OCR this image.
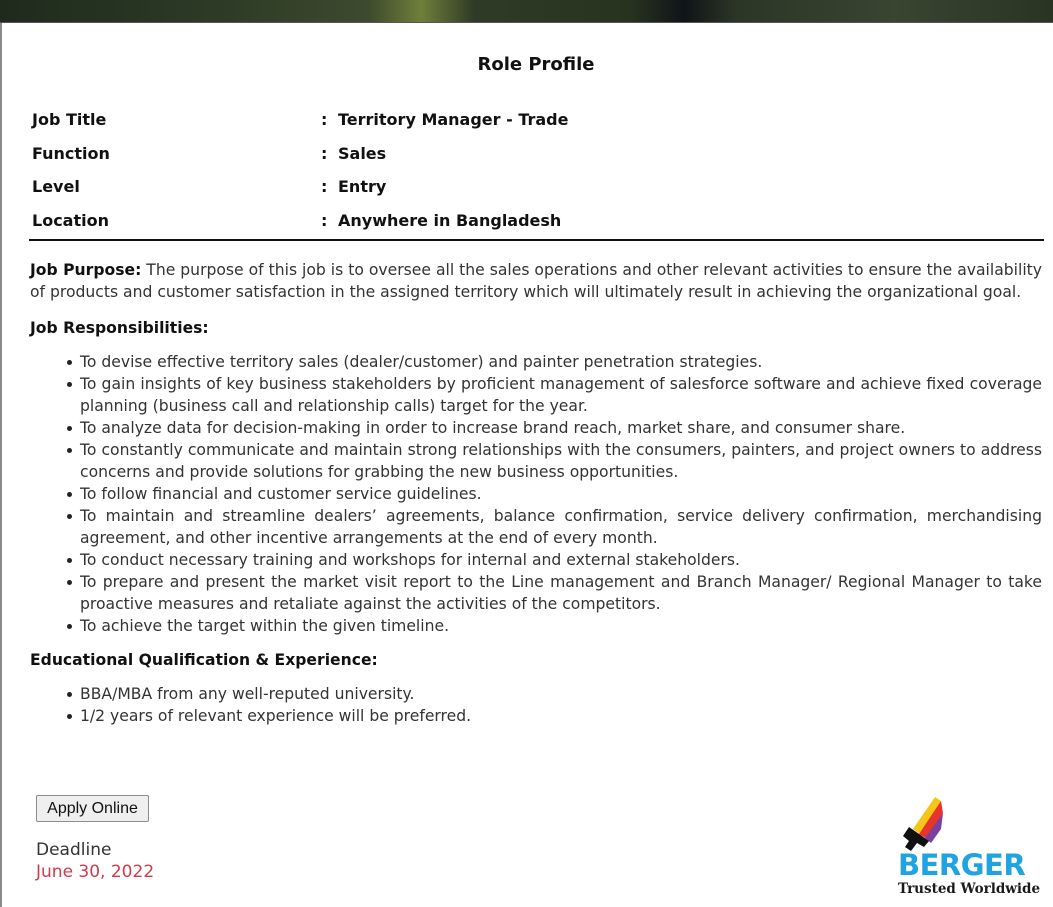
Role Profile
Job Title	: Territory Manager - Trade
Function	: Sales
Level	: Entry
Location	: Anywhere in Bangladesh

Job Purpose: The purpose of this job is to oversee all the sales operations and other relevant activities to ensure the availability of products and customer satisfaction in the assigned territory which will ultimately result in achieving the organizational goal.

Job Responsibilities:
To devise effective territory sales (dealer/customer) and painter penetration strategies.
To gain insights of key business stakeholders by proficient management of salesforce software and achieve fixed coverage planning (business call and relationship calls) target for the year.
To analyze data for decision-making in order to increase brand reach, market share, and consumer share.
To constantly communicate and maintain strong relationships with the consumers, painters, and project owners to address concerns and provide solutions for grabbing the new business opportunities.
To follow financial and customer service guidelines.
To maintain and streamline dealers’ agreements, balance confirmation, service delivery confirmation, merchandising agreement, and other incentive arrangements at the end of every month.
To conduct necessary training and workshops for internal and external stakeholders.
To prepare and present the market visit report to the Line management and Branch Manager/ Regional Manager to take proactive measures and retaliate against the activities of the competitors.
To achieve the target within the given timeline.
Educational Qualification & Experience:
BBA/MBA from any well-reputed university.
1/2 years of relevant experience will be preferred.
Apply Online
Deadline
June 30, 2022	BERGER
Trusted Worldwide
